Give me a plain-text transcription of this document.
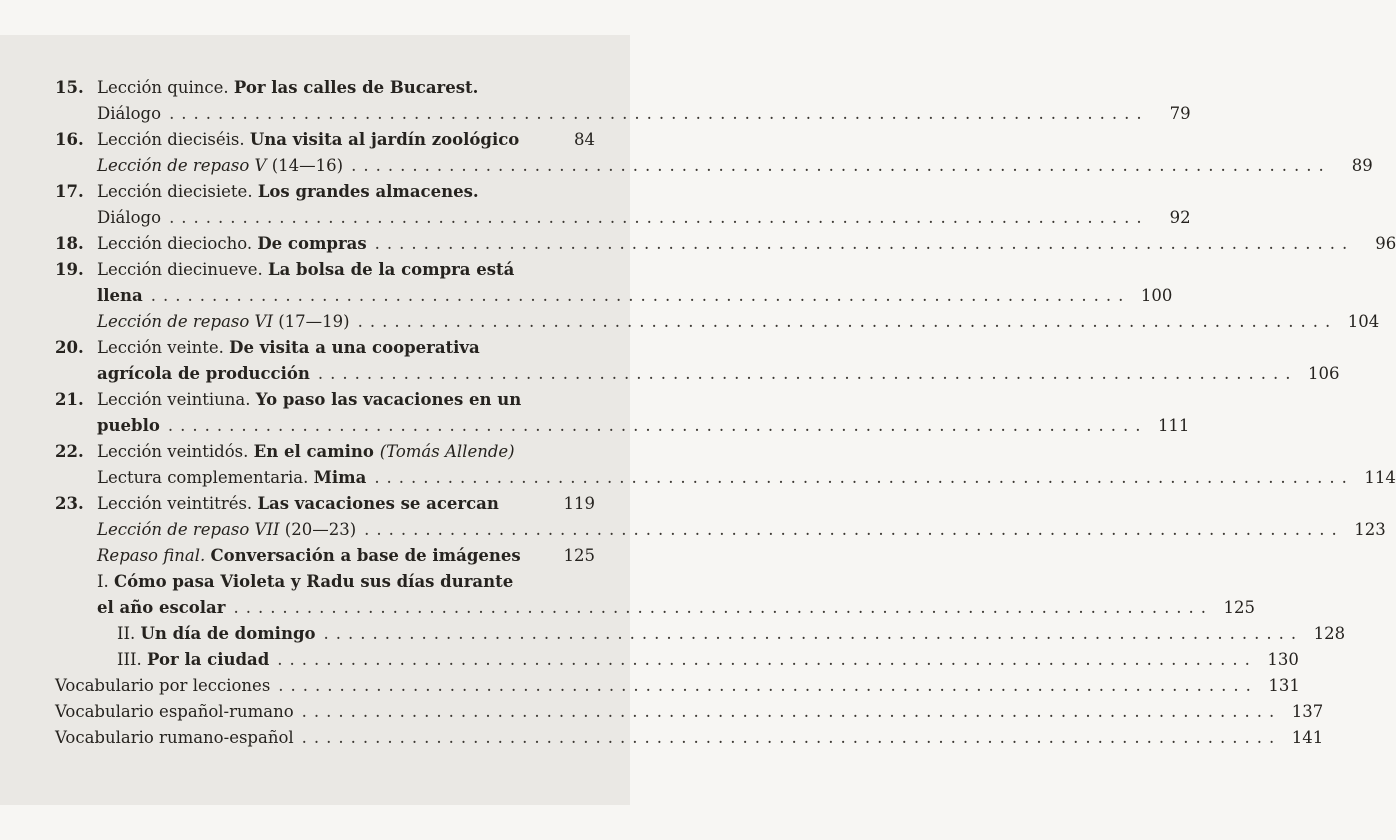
15. Lección quince. Por las calles de Bucarest.
Diálogo ................................................................................	79
16. Lección dieciséis. Una visita al jardín zoológico	84
Lección de repaso V (14—16) ................................................................................	89
17. Lección diecisiete. Los grandes almacenes.
Diálogo ................................................................................	92
18. Lección dieciocho. De compras ................................................................................	96
19. Lección diecinueve. La bolsa de la compra está
llena ................................................................................ 100
Lección de repaso VI (17—19) ................................................................................ 104
20. Lección veinte. De visita a una cooperativa
agrícola de producción ................................................................................ 106
21. Lección veintiuna. Yo paso las vacaciones en un
pueblo ................................................................................ 111
22. Lección veintidós. En el camino (Tomás Allende)
Lectura complementaria. Mima ................................................................................ 114
23. Lección veintitrés. Las vacaciones se acercan	119
Lección de repaso VII (20—23) ................................................................................ 123
Repaso final. Conversación a base de imágenes	125
I. Cómo pasa Violeta y Radu sus días durante
el año escolar ................................................................................ 125
II. Un día de domingo ................................................................................ 128
III. Por la ciudad ................................................................................ 130
Vocabulario por lecciones ................................................................................ 131
Vocabulario español-rumano ................................................................................ 137
Vocabulario rumano-español ................................................................................ 141
